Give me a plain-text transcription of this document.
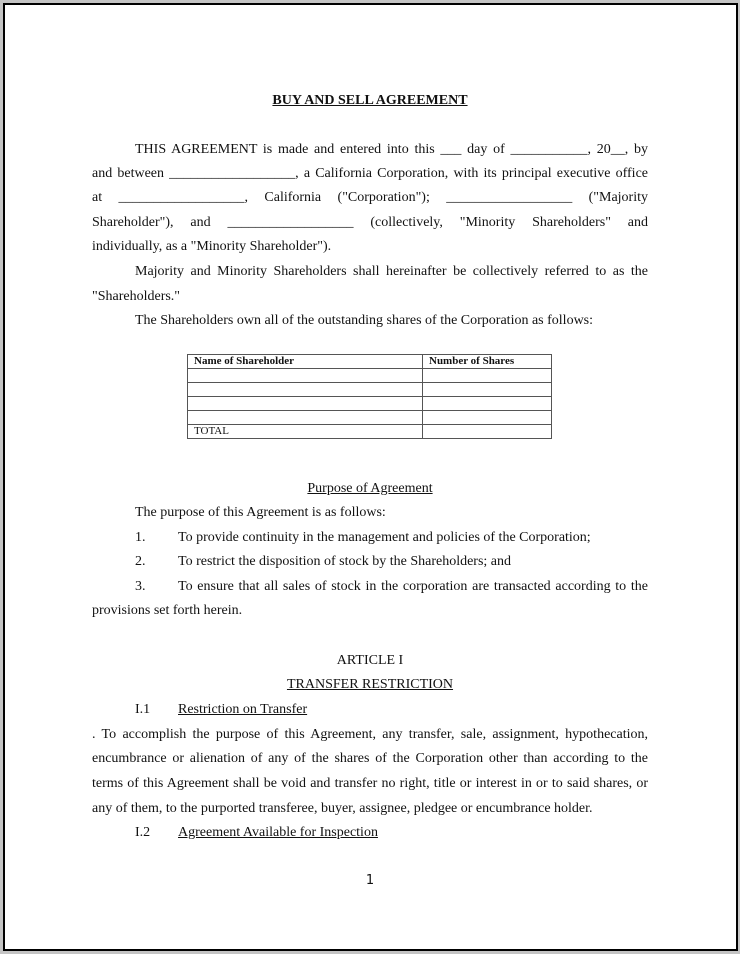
BUY AND SELL AGREEMENT
THIS AGREEMENT is made and entered into this ___ day of ___________, 20__, by
and between __________________, a California Corporation, with its principal executive office
at __________________, California ("Corporation"); __________________ ("Majority
Shareholder"), and __________________ (collectively, "Minority Shareholders" and
individually, as a "Minority Shareholder").
Majority and Minority Shareholders shall hereinafter be collectively referred to as the
"Shareholders."
The Shareholders own all of the outstanding shares of the Corporation as follows:
Name of Shareholder	Number of Shares

TOTAL	
Purpose of Agreement
The purpose of this Agreement is as follows:
1. To provide continuity in the management and policies of the Corporation;
2. To restrict the disposition of stock by the Shareholders; and
3. To ensure that all sales of stock in the corporation are transacted according to the
provisions set forth herein.
ARTICLE I
TRANSFER RESTRICTION
I.1 Restriction on Transfer
. To accomplish the purpose of this Agreement, any transfer, sale, assignment, hypothecation,
encumbrance or alienation of any of the shares of the Corporation other than according to the
terms of this Agreement shall be void and transfer no right, title or interest in or to said shares, or
any of them, to the purported transferee, buyer, assignee, pledgee or encumbrance holder.
I.2 Agreement Available for Inspection
1
